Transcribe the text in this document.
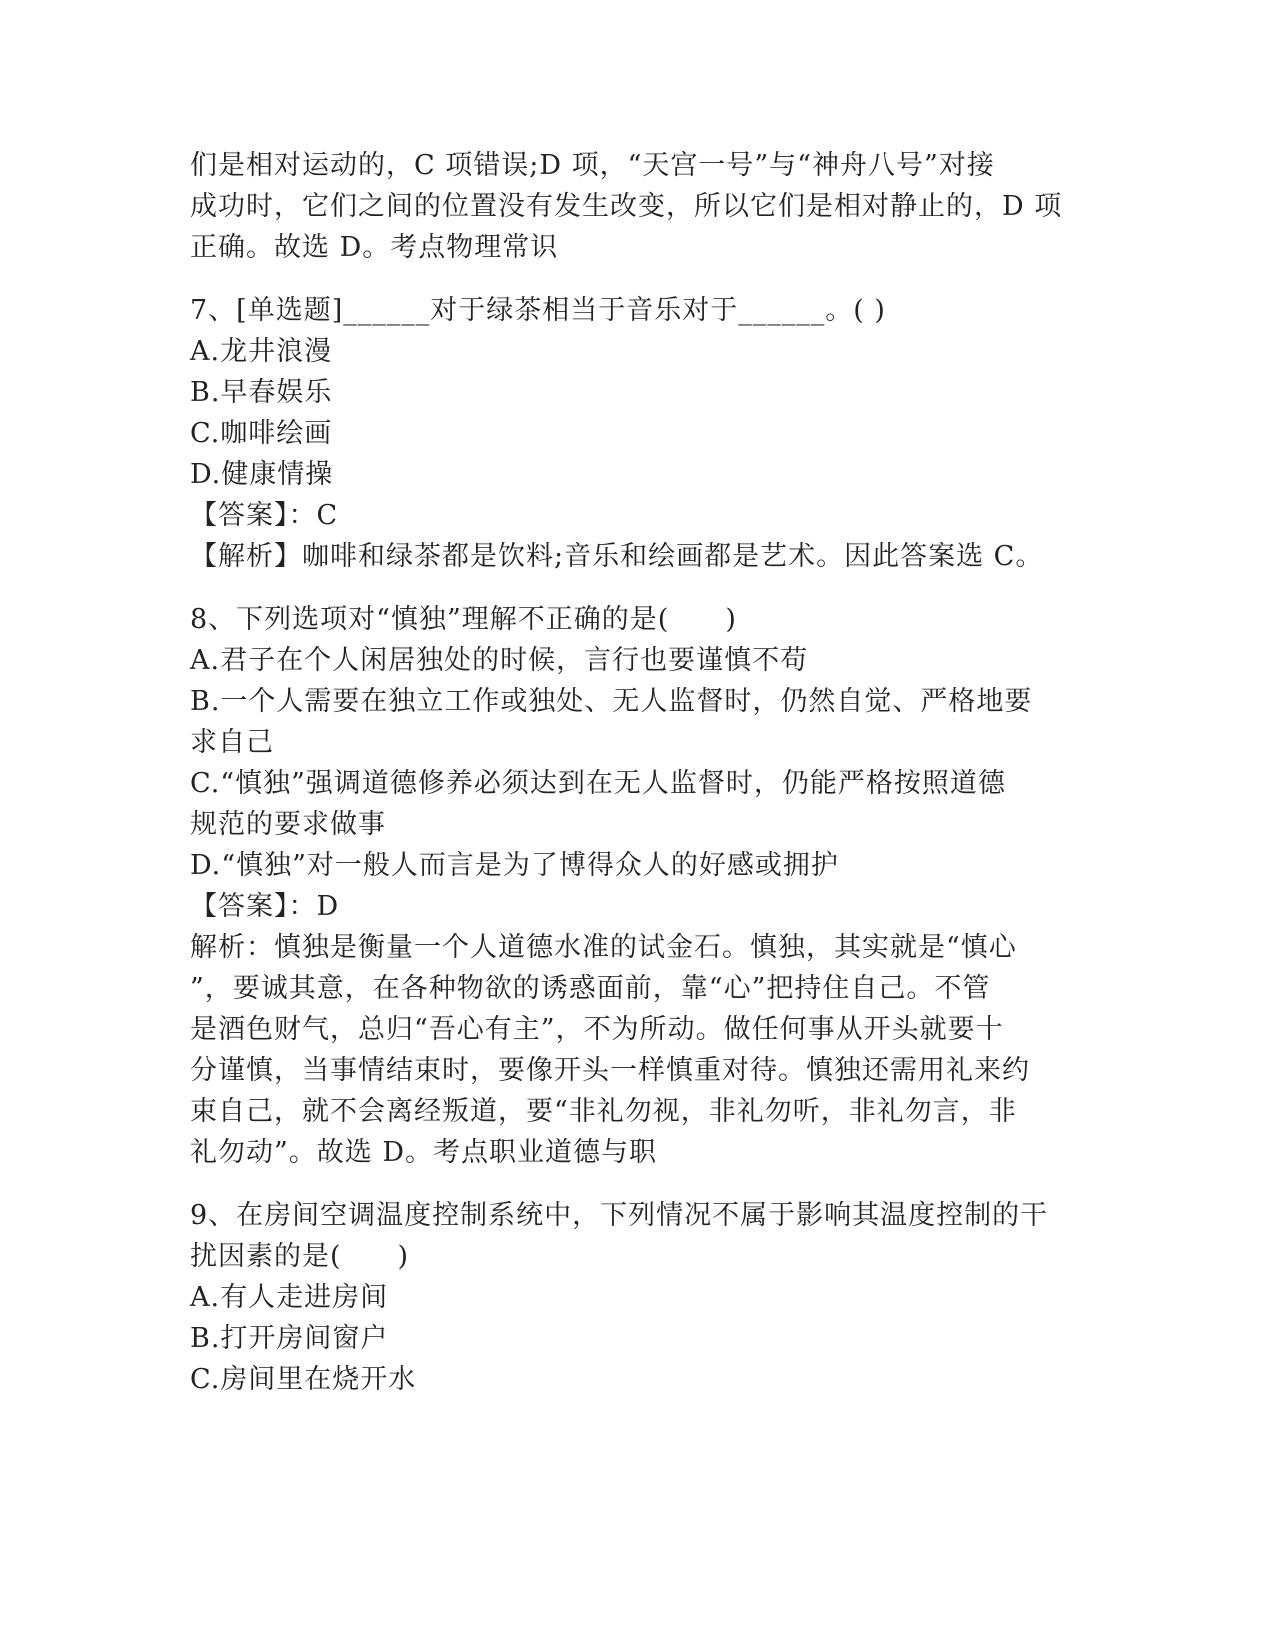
们是相对运动的，C 项错误;D 项，“天宫一号”与“神舟八号”对接
成功时，它们之间的位置没有发生改变，所以它们是相对静止的，D 项
正确。故选 D。考点物理常识
7、[单选题]______对于绿茶相当于音乐对于______。( )
A.龙井浪漫
B.早春娱乐
C.咖啡绘画
D.健康情操
【答案】：C
【解析】咖啡和绿茶都是饮料;音乐和绘画都是艺术。因此答案选 C。
8、下列选项对“慎独”理解不正确的是(　　)
A.君子在个人闲居独处的时候，言行也要谨慎不苟
B.一个人需要在独立工作或独处、无人监督时，仍然自觉、严格地要
求自己
C.“慎独”强调道德修养必须达到在无人监督时，仍能严格按照道德
规范的要求做事
D.“慎独”对一般人而言是为了博得众人的好感或拥护
【答案】：D
解析：慎独是衡量一个人道德水准的试金石。慎独，其实就是“慎心
”，要诚其意，在各种物欲的诱惑面前，靠“心”把持住自己。不管
是酒色财气，总归“吾心有主”，不为所动。做任何事从开头就要十
分谨慎，当事情结束时，要像开头一样慎重对待。慎独还需用礼来约
束自己，就不会离经叛道，要“非礼勿视，非礼勿听，非礼勿言，非
礼勿动”。故选 D。考点职业道德与职
9、在房间空调温度控制系统中，下列情况不属于影响其温度控制的干
扰因素的是(　　)
A.有人走进房间
B.打开房间窗户
C.房间里在烧开水
